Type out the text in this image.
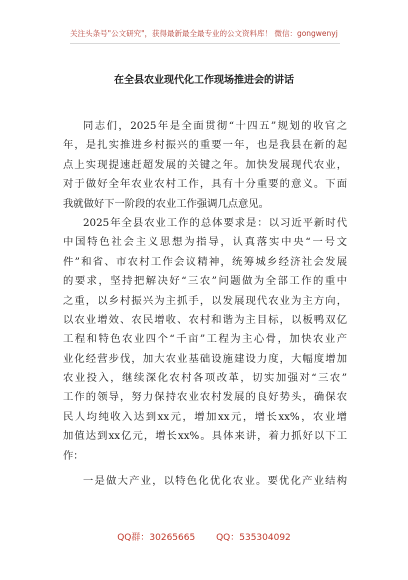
关注头条号"公文研究"，获得最新最全最专业的公文资料库！ 微信：gongwenyj
在全县农业现代化工作现场推进会的讲话
同志们，2025年是全面贯彻“十四五”规划的收官之
年，是扎实推进乡村振兴的重要一年，也是我县在新的起
点上实现提速赶超发展的关键之年。加快发展现代农业，
对于做好全年农业农村工作，具有十分重要的意义。下面
我就做好下一阶段的农业工作强调几点意见。
2025年全县农业工作的总体要求是：以习近平新时代
中国特色社会主义思想为指导，认真落实中央“一号文
件”和省、市农村工作会议精神，统筹城乡经济社会发展
的要求，坚持把解决好“三农”问题做为全部工作的重中
之重，以乡村振兴为主抓手，以发展现代农业为主方向，
以农业增效、农民增收、农村和谐为主目标，以板鸭双亿
工程和特色农业四个“千亩”工程为主心骨，加快农业产
业化经营步伐，加大农业基础设施建设力度，大幅度增加
农业投入，继续深化农村各项改革，切实加强对“三农”
工作的领导，努力保持农业农村发展的良好势头，确保农
民人均纯收入达到xx元，增加xx元，增长xx%，农业增
加值达到xx亿元，增长xx%。具体来讲，着力抓好以下工
作：
一是做大产业，以特色化优化农业。要优化产业结构
QQ群：30265665 QQ：535304092
